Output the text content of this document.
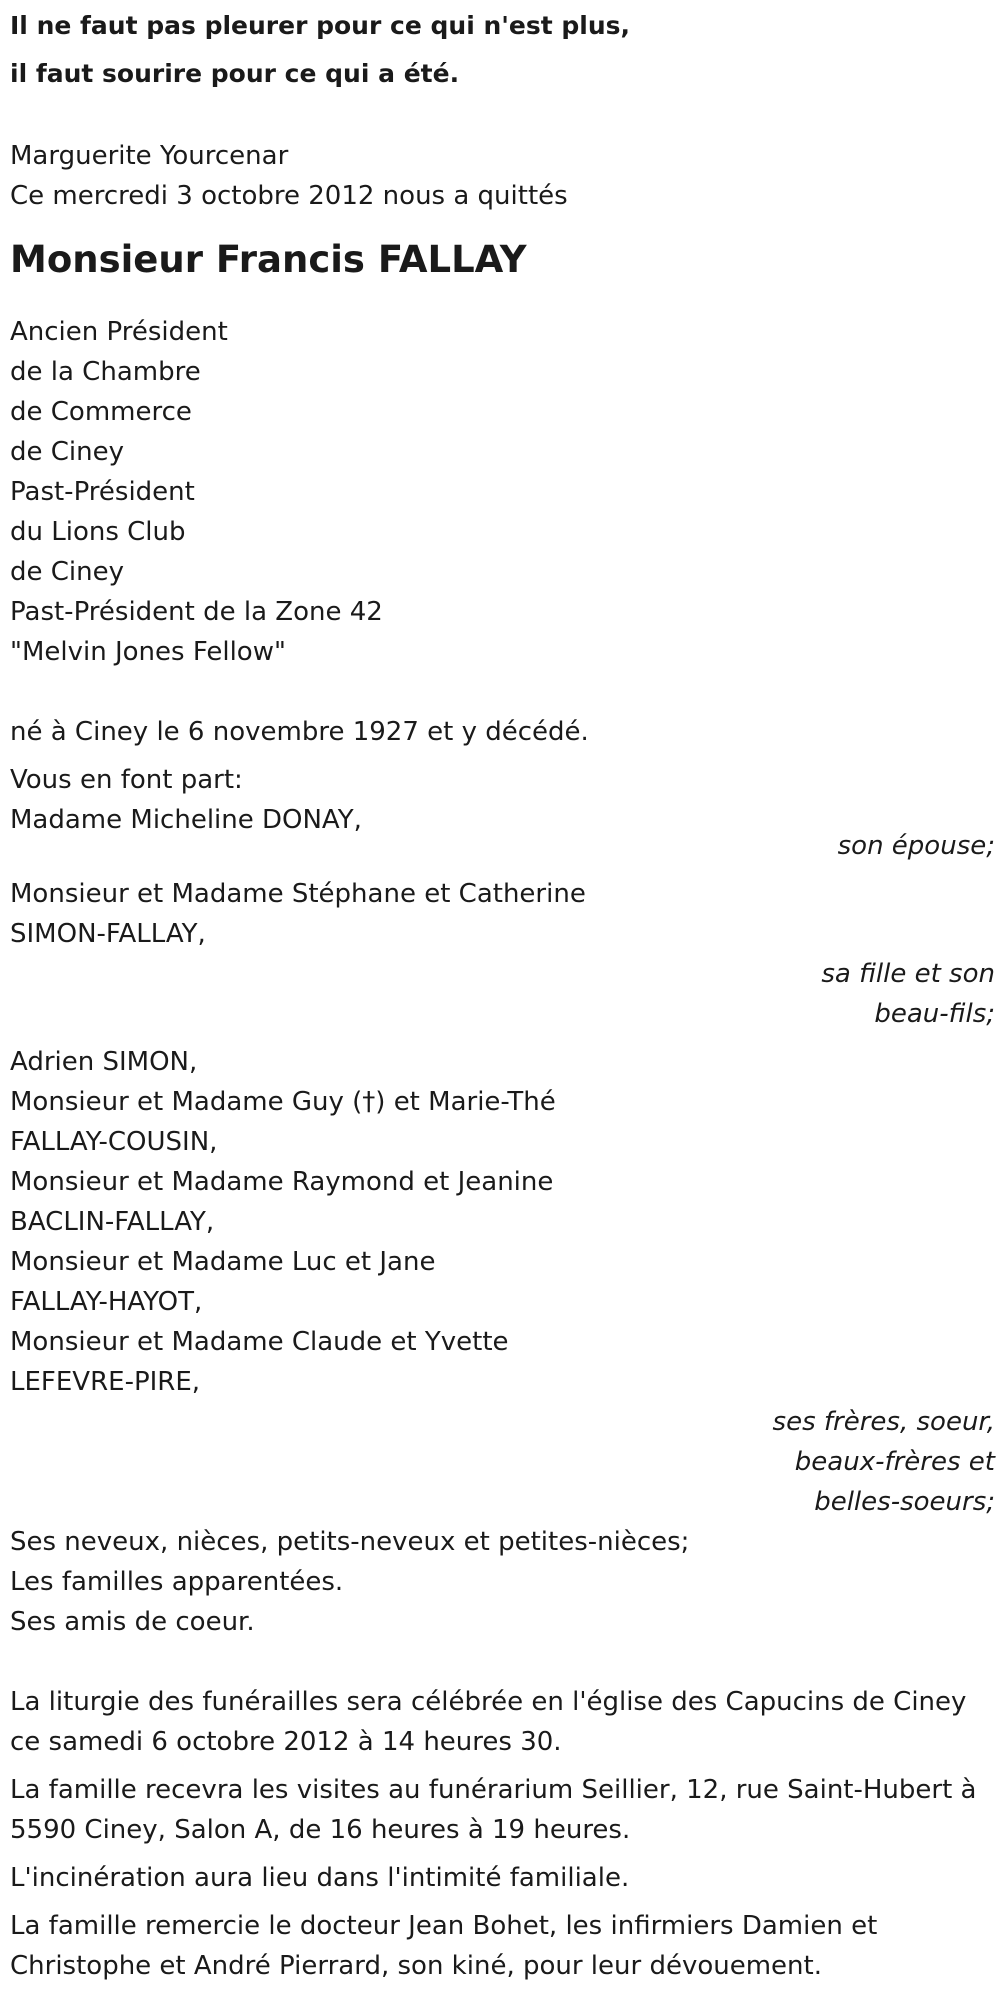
Il ne faut pas pleurer pour ce qui n'est plus,
il faut sourire pour ce qui a été.
Marguerite Yourcenar
Ce mercredi 3 octobre 2012 nous a quittés
Monsieur Francis FALLAY
Ancien Président
de la Chambre
de Commerce
de Ciney
Past-Président
du Lions Club
de Ciney
Past-Président de la Zone 42
"Melvin Jones Fellow"
né à Ciney le 6 novembre 1927 et y décédé.
Vous en font part:
Madame Micheline DONAY,
son épouse;
Monsieur et Madame Stéphane et Catherine
SIMON-FALLAY,
sa fille et son
beau-fils;
Adrien SIMON,
Monsieur et Madame Guy (†) et Marie-Thé
FALLAY-COUSIN,
Monsieur et Madame Raymond et Jeanine
BACLIN-FALLAY,
Monsieur et Madame Luc et Jane
FALLAY-HAYOT,
Monsieur et Madame Claude et Yvette
LEFEVRE-PIRE,
ses frères, soeur,
beaux-frères et
belles-soeurs;
Ses neveux, nièces, petits-neveux et petites-nièces;
Les familles apparentées.
Ses amis de coeur.
La liturgie des funérailles sera célébrée en l'église des Capucins de Ciney
ce samedi 6 octobre 2012 à 14 heures 30.
La famille recevra les visites au funérarium Seillier, 12, rue Saint-Hubert à
5590 Ciney, Salon A, de 16 heures à 19 heures.
L'incinération aura lieu dans l'intimité familiale.
La famille remercie le docteur Jean Bohet, les infirmiers Damien et
Christophe et André Pierrard, son kiné, pour leur dévouement.
